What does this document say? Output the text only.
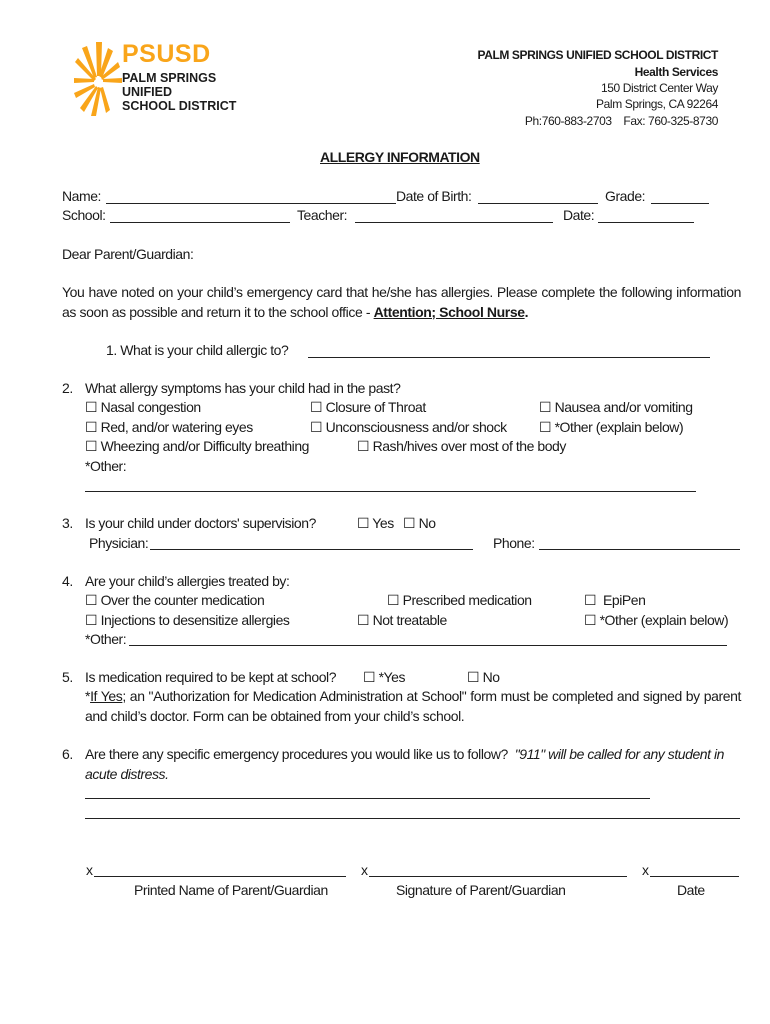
PSUSD
PALM SPRINGS
UNIFIED
SCHOOL DISTRICT
PALM SPRINGS UNIFIED SCHOOL DISTRICT
Health Services
150 District Center Way
Palm Springs, CA 92264
Ph:760-883-2703    Fax: 760-325-8730
ALLERGY INFORMATION
Name:	Date of Birth:	Grade:
School:	Teacher:	Date:
Dear Parent/Guardian:
You have noted on your child’s emergency card that he/she has allergies. Please complete the following information as soon as possible and return it to the school office - Attention; School Nurse.
1. What is your child allergic to?
2. What allergy symptoms has your child had in the past?
☐ Nasal congestion	☐ Closure of Throat	☐ Nausea and/or vomiting
☐ Red, and/or watering eyes	☐ Unconsciousness and/or shock ☐ *Other (explain below)
☐ Wheezing and/or Difficulty breathing	☐ Rash/hives over most of the body
*Other:
3. Is your child under doctors' supervision?	☐ Yes ☐ No
Physician:	Phone:
4. Are your child’s allergies treated by:
☐ Over the counter medication	☐ Prescribed medication	☐ EpiPen
☐ Injections to desensitize allergies	☐ Not treatable	☐ *Other (explain below)
*Other:
5. Is medication required to be kept at school? ☐ *Yes	☐ No
*If Yes; an "Authorization for Medication Administration at School" form must be completed and signed by parent and child’s doctor. Form can be obtained from your child’s school.
6. Are there any specific emergency procedures you would like us to follow? "911" will be called for any student in acute distress.
x
Printed Name of Parent/Guardian
x
Signature of Parent/Guardian
x
Date
